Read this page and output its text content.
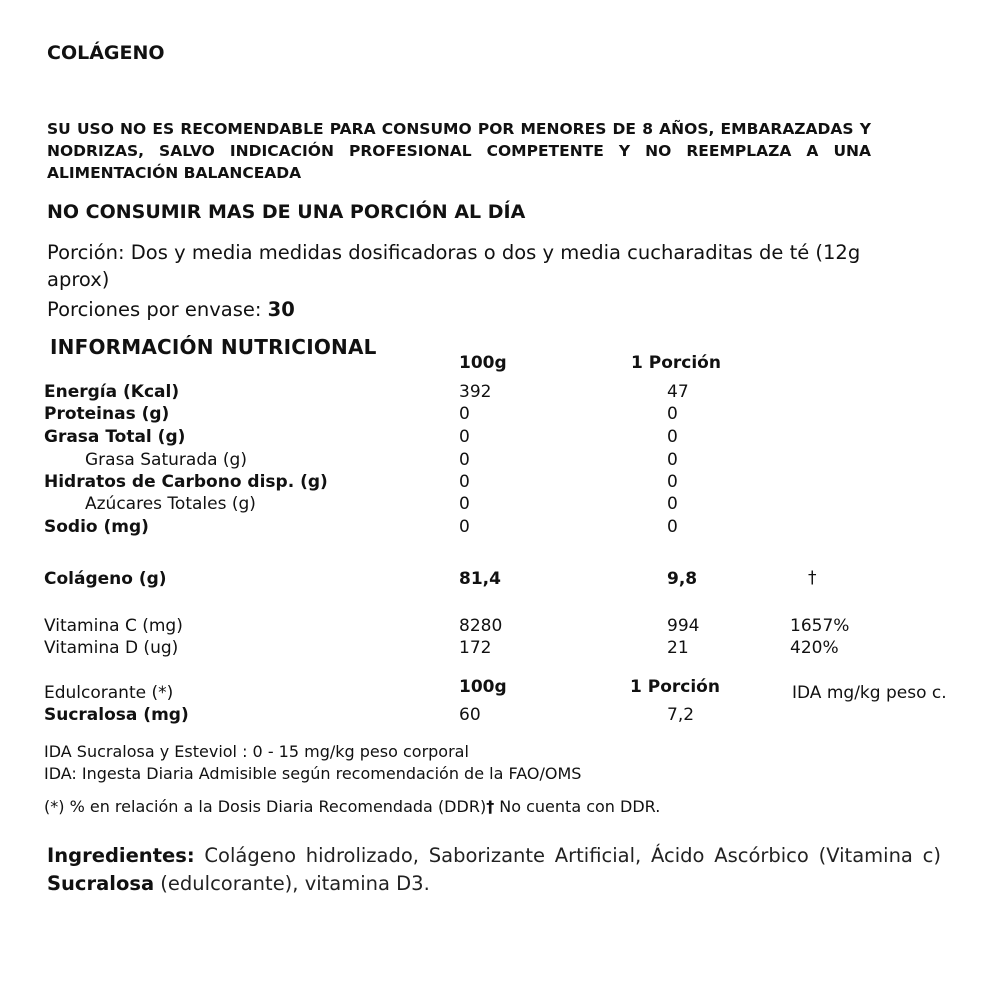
COLÁGENO
SU USO NO ES RECOMENDABLE PARA CONSUMO POR MENORES DE 8 AÑOS, EMBARAZADAS Y NODRIZAS, SALVO INDICACIÓN PROFESIONAL COMPETENTE Y NO REEMPLAZA A UNA ALIMENTACIÓN BALANCEADA
NO CONSUMIR MAS DE UNA PORCIÓN AL DÍA
Porción: Dos y media medidas dosificadoras o dos y media cucharaditas de té (12g aprox)
Porciones por envase: 30
INFORMACIÓN NUTRICIONAL
100g	1 Porción
Energía (Kcal)	392	47
Proteinas (g)	0	0
Grasa Total (g)	0	0
Grasa Saturada (g)	0	0
Hidratos de Carbono disp. (g)	0	0
Azúcares Totales (g)	0	0
Sodio (mg)	0	0
Colágeno (g)	81,4	9,8	†
Vitamina C (mg)	8280	994	1657%
Vitamina D (ug)	172	21	420%
Edulcorante (*)	100g	1 Porción	IDA mg/kg peso c.
Sucralosa (mg)	60	7,2
IDA Sucralosa y Esteviol : 0 - 15 mg/kg peso corporal
IDA: Ingesta Diaria Admisible según recomendación de la FAO/OMS
(*) % en relación a la Dosis Diaria Recomendada (DDR)† No cuenta con DDR.
Ingredientes: Colágeno hidrolizado, Saborizante Artificial, Ácido Ascórbico (Vitamina c) Sucralosa (edulcorante), vitamina D3.
